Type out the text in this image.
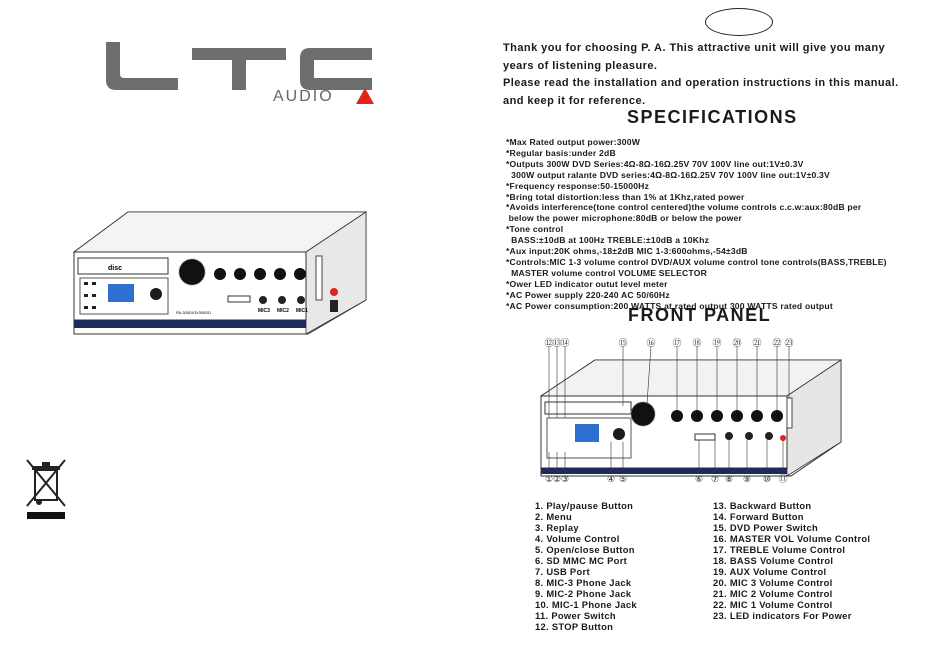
AUDIO
disc
PA-300DVD/300DD	MIC3 MIC2 MIC1

Thank you for choosing P. A. This attractive unit will give you many years of listening pleasure.

Please read the installation and operation instructions in this manual. and keep it for reference.

SPECIFICATIONS
*Max Rated output power:300W
*Regular basis:under 2dB
*Outputs 300W DVD Series:4Ω-8Ω-16Ω.25V 70V 100V line out:1V±0.3V
300W output ralante DVD series:4Ω-8Ω-16Ω.25V 70V 100V line out:1V±0.3V
*Frequency response:50-15000Hz
*Bring total distortion:less than 1% at 1Khz,rated power
*Avoids interference(tone control centered)the volume controls c.c.w:aux:80dB per
below the power microphone:80dB or below the power
*Tone control
BASS:±10dB at 100Hz TREBLE:±10dB a 10Khz
*Aux input:20K ohms,-18±2dB MIC 1-3:600ohms,-54±3dB
*Controls:MIC 1-3 volume control DVD/AUX volume control tone controls(BASS,TREBLE)
MASTER volume control VOLUME SELECTOR
*Ower LED indicator outut level meter
*AC Power supply 220-240 AC 50/60Hz
*AC Power consumption:200 WATTS at rated output 300 WATTS rated output
FRONT PANEL
⑫
⑬
⑭	⑮ ⑯ ⑰ ⑱ ⑲ ⑳ ㉑ ㉒ ㉓
① ② ③	④ ⑤	⑥ ⑦ ⑧ ⑨ ⑩ ⑪
1. Play/pause Button
2. Menu
3. Replay
4. Volume Control
5. Open/close Button
6. SD MMC MC Port
7. USB Port
8. MIC-3 Phone Jack
9. MIC-2 Phone Jack
10. MIC-1 Phone Jack
11. Power Switch
12. STOP Button
13. Backward Button
14. Forward Button
15. DVD Power Switch
16. MASTER VOL Volume Control
17. TREBLE Volume Control
18. BASS Volume Control
19. AUX Volume Control
20. MIC 3 Volume Control
21. MIC 2 Volume Control
22. MIC 1 Volume Control
23. LED indicators For Power
